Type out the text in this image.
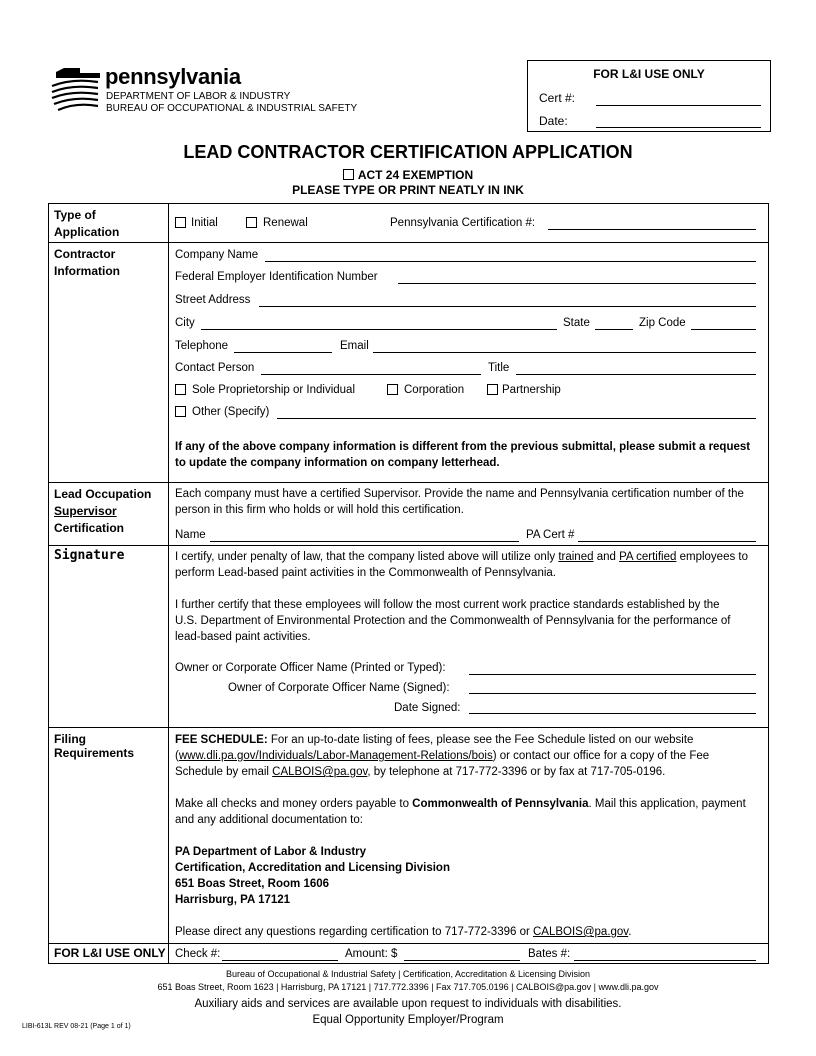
pennsylvania
DEPARTMENT OF LABOR & INDUSTRY
BUREAU OF OCCUPATIONAL & INDUSTRIAL SAFETY
FOR L&I USE ONLY
Cert #:
Date:
LEAD CONTRACTOR CERTIFICATION APPLICATION
ACT 24 EXEMPTION
PLEASE TYPE OR PRINT NEATLY IN INK
Type of
Application
Initial	Renewal	Pennsylvania Certification #:
Contractor
Information
Company Name
Federal Employer Identification Number
Street Address
City	State	Zip Code
Telephone	Email
Contact Person	Title
Sole Proprietorship or Individual	Corporation	Partnership
Other (Specify)
If any of the above company information is different from the previous submittal, please submit a request to update the company information on company letterhead.
Lead Occupation
Supervisor
Certification
Each company must have a certified Supervisor. Provide the name and Pennsylvania certification number of the person in this firm who holds or will hold this certification.
Name	PA Cert #
Signature	I certify, under penalty of law, that the company listed above will utilize only trained and PA certified employees to perform Lead-based paint activities in the Commonwealth of Pennsylvania.
I further certify that these employees will follow the most current work practice standards established by the U.S. Department of Environmental Protection and the Commonwealth of Pennsylvania for the performance of lead-based paint activities.
Owner or Corporate Officer Name (Printed or Typed):
Owner of Corporate Officer Name (Signed):
Date Signed:
Filing
Requirements
FEE SCHEDULE: For an up-to-date listing of fees, please see the Fee Schedule listed on our website (www.dli.pa.gov/Individuals/Labor-Management-Relations/bois) or contact our office for a copy of the Fee Schedule by email CALBOIS@pa.gov, by telephone at 717-772-3396 or by fax at 717-705-0196.
Make all checks and money orders payable to Commonwealth of Pennsylvania. Mail this application, payment and any additional documentation to:
PA Department of Labor & Industry
Certification, Accreditation and Licensing Division
651 Boas Street, Room 1606
Harrisburg, PA 17121
Please direct any questions regarding certification to 717-772-3396 or CALBOIS@pa.gov.
FOR L&I USE ONLY Check #:	Amount: $	Bates #:
Bureau of Occupational & Industrial Safety | Certification, Accreditation & Licensing Division
651 Boas Street, Room 1623 | Harrisburg, PA 17121 | 717.772.3396 | Fax 717.705.0196 | CALBOIS@pa.gov | www.dli.pa.gov
Auxiliary aids and services are available upon request to individuals with disabilities.
Equal Opportunity Employer/Program
LIBI-613L REV 08-21 (Page 1 of 1)
